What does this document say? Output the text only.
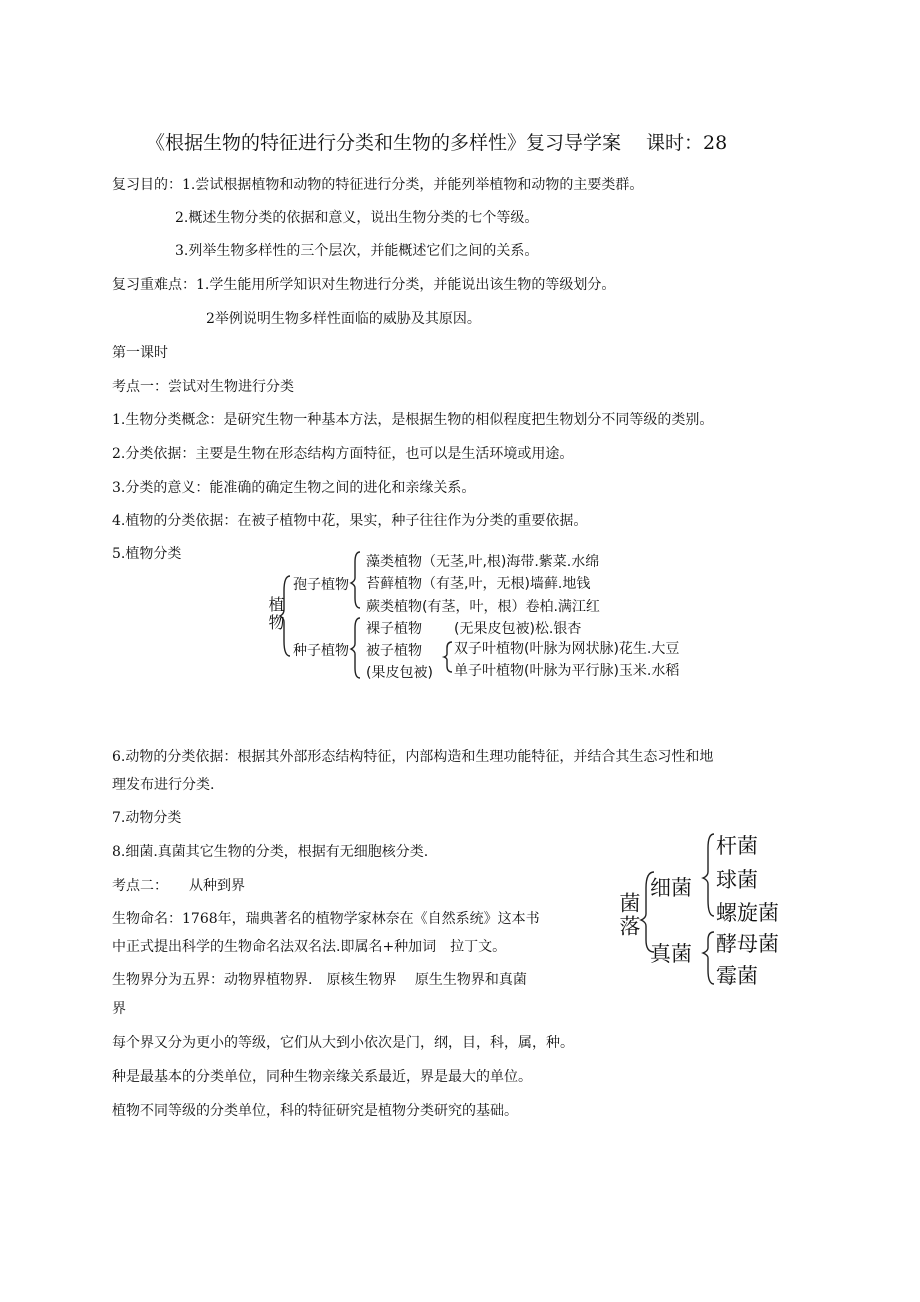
《根据生物的特征进行分类和生物的多样性》复习导学案　 课时：28
复习目的：1.尝试根据植物和动物的特征进行分类，并能列举植物和动物的主要类群。
2.概述生物分类的依据和意义，说出生物分类的七个等级。
3.列举生物多样性的三个层次，并能概述它们之间的关系。
复习重难点：1.学生能用所学知识对生物进行分类，并能说出该生物的等级划分。
2举例说明生物多样性面临的威胁及其原因。
第一课时
考点一：尝试对生物进行分类
1.生物分类概念：是研究生物一种基本方法，是根据生物的相似程度把生物划分不同等级的类别。
2.分类依据：主要是生物在形态结构方面特征，也可以是生活环境或用途。
3.分类的意义：能准确的确定生物之间的进化和亲缘关系。
4.植物的分类依据：在被子植物中花，果实，种子往往作为分类的重要依据。
5.植物分类
植物
孢子植物
藻类植物（无茎,叶,根)海带.紫菜.水绵
苔藓植物（有茎,叶，无根)墙藓.地钱
蕨类植物(有茎，叶，根）卷柏.满江红
种子植物
裸子植物 (无果皮包被)松.银杏
被子植物
(果皮包被)
双子叶植物(叶脉为网状脉)花生.大豆
单子叶植物(叶脉为平行脉)玉米.水稻
6.动物的分类依据：根据其外部形态结构特征，内部构造和生理功能特征，并结合其生态习性和地
理发布进行分类.
7.动物分类
8.细菌.真菌其它生物的分类，根据有无细胞核分类.
考点二：　　从种到界
生物命名：1768年，瑞典著名的植物学家林奈在《自然系统》这本书
中正式提出科学的生物命名法双名法.即属名+种加词　拉丁文。
生物界分为五界：动物界植物界.　原核生物界　 原生生物界和真菌
界
每个界又分为更小的等级，它们从大到小依次是门，纲，目，科，属，种。
种是最基本的分类单位，同种生物亲缘关系最近，界是最大的单位。
植物不同等级的分类单位，科的特征研究是植物分类研究的基础。
菌落
细菌
杆菌
球菌
螺旋菌
真菌 酵母菌
霉菌
